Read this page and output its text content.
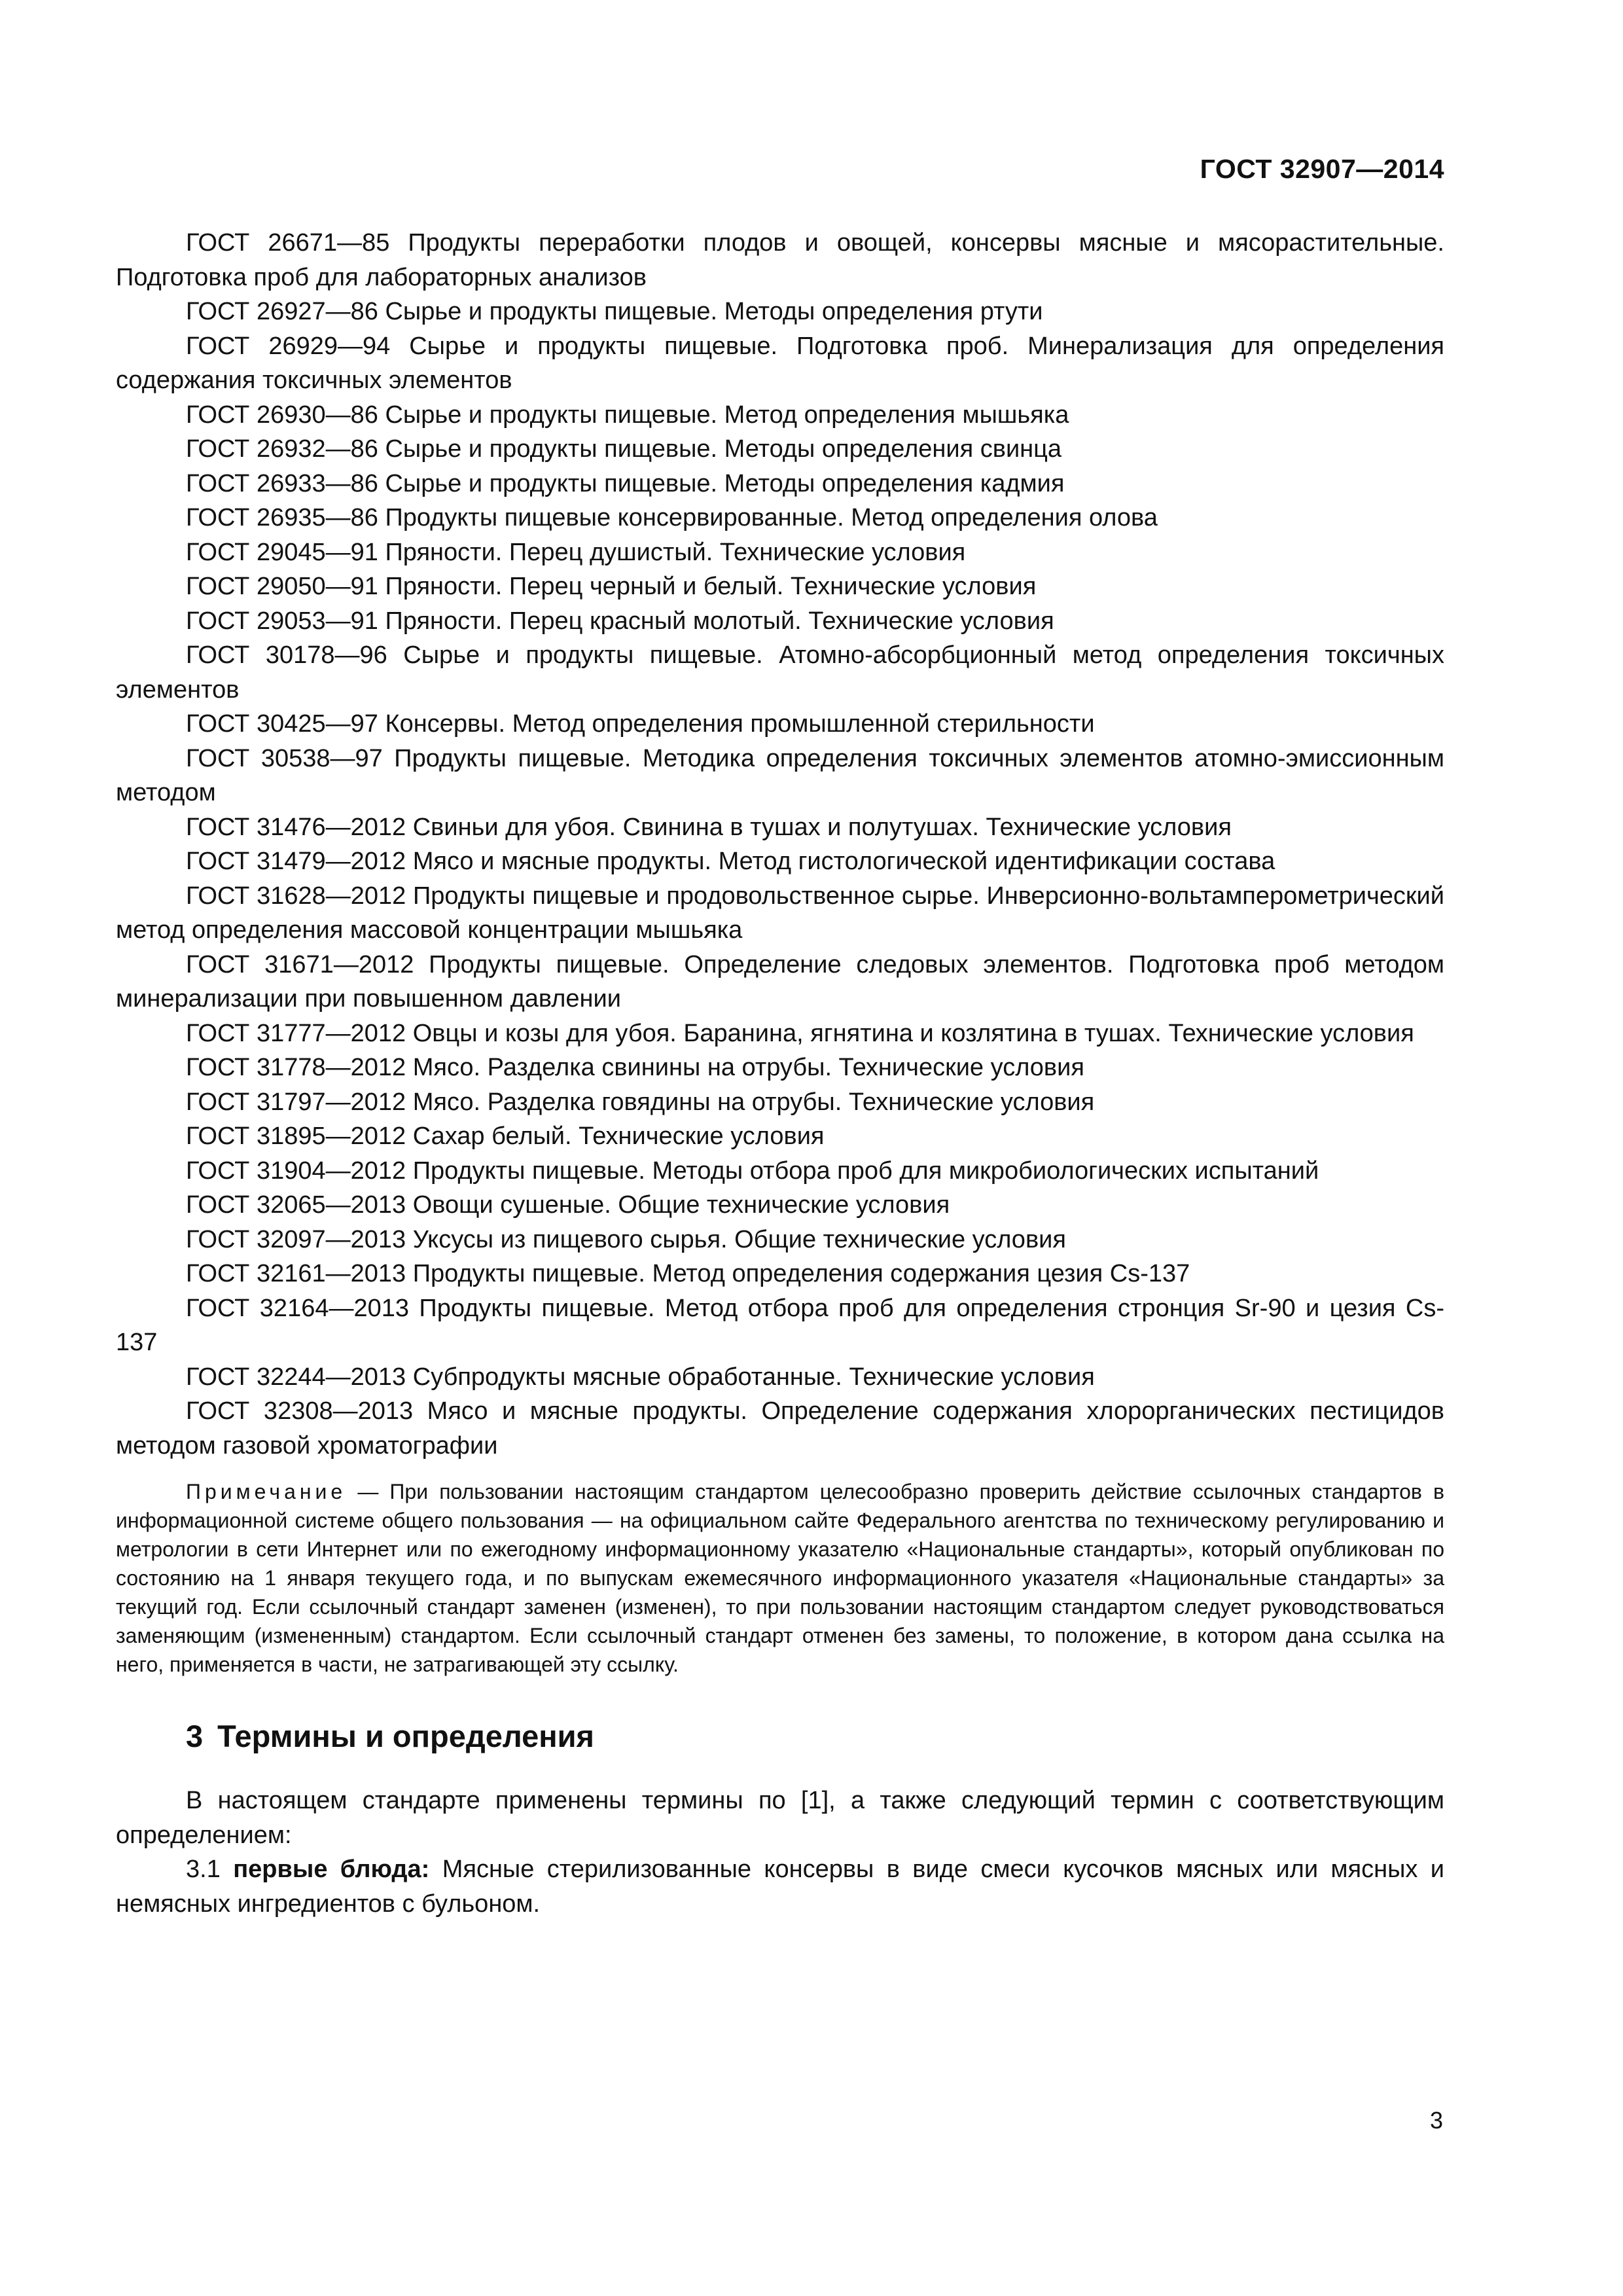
ГОСТ 32907—2014

ГОСТ 26671—85 Продукты переработки плодов и овощей, консервы мясные и мясорастительные. Подготовка проб для лабораторных анализов

ГОСТ 26927—86 Сырье и продукты пищевые. Методы определения ртути

ГОСТ 26929—94 Сырье и продукты пищевые. Подготовка проб. Минерализация для определения содержания токсичных элементов

ГОСТ 26930—86 Сырье и продукты пищевые. Метод определения мышьяка

ГОСТ 26932—86 Сырье и продукты пищевые. Методы определения свинца

ГОСТ 26933—86 Сырье и продукты пищевые. Методы определения кадмия

ГОСТ 26935—86 Продукты пищевые консервированные. Метод определения олова

ГОСТ 29045—91 Пряности. Перец душистый. Технические условия

ГОСТ 29050—91 Пряности. Перец черный и белый. Технические условия

ГОСТ 29053—91 Пряности. Перец красный молотый. Технические условия

ГОСТ 30178—96 Сырье и продукты пищевые. Атомно-абсорбционный метод определения токсичных элементов

ГОСТ 30425—97 Консервы. Метод определения промышленной стерильности

ГОСТ 30538—97 Продукты пищевые. Методика определения токсичных элементов атомно-эмиссионным методом

ГОСТ 31476—2012 Свиньи для убоя. Свинина в тушах и полутушах. Технические условия

ГОСТ 31479—2012 Мясо и мясные продукты. Метод гистологической идентификации состава

ГОСТ 31628—2012 Продукты пищевые и продовольственное сырье. Инверсионно-вольтамперометрический метод определения массовой концентрации мышьяка

ГОСТ 31671—2012 Продукты пищевые. Определение следовых элементов. Подготовка проб методом минерализации при повышенном давлении

ГОСТ 31777—2012 Овцы и козы для убоя. Баранина, ягнятина и козлятина в тушах. Технические условия

ГОСТ 31778—2012 Мясо. Разделка свинины на отрубы. Технические условия

ГОСТ 31797—2012 Мясо. Разделка говядины на отрубы. Технические условия

ГОСТ 31895—2012 Сахар белый. Технические условия

ГОСТ 31904—2012 Продукты пищевые. Методы отбора проб для микробиологических испытаний

ГОСТ 32065—2013 Овощи сушеные. Общие технические условия

ГОСТ 32097—2013 Уксусы из пищевого сырья. Общие технические условия

ГОСТ 32161—2013 Продукты пищевые. Метод определения содержания цезия Cs-137

ГОСТ 32164—2013 Продукты пищевые. Метод отбора проб для определения стронция Sr-90 и цезия Cs-137

ГОСТ 32244—2013 Субпродукты мясные обработанные. Технические условия

ГОСТ 32308—2013 Мясо и мясные продукты. Определение содержания хлорорганических пестицидов методом газовой хроматографии

Примечание — При пользовании настоящим стандартом целесообразно проверить действие ссылочных стандартов в информационной системе общего пользования — на официальном сайте Федерального агентства по техническому регулированию и метрологии в сети Интернет или по ежегодному информационному указателю «Национальные стандарты», который опубликован по состоянию на 1 января текущего года, и по выпускам ежемесячного информационного указателя «Национальные стандарты» за текущий год. Если ссылочный стандарт заменен (изменен), то при пользовании настоящим стандартом следует руководствоваться заменяющим (измененным) стандартом. Если ссылочный стандарт отменен без замены, то положение, в котором дана ссылка на него, применяется в части, не затрагивающей эту ссылку.

3 Термины и определения

В настоящем стандарте применены термины по [1], а также следующий термин с соответствующим определением:

3.1 первые блюда: Мясные стерилизованные консервы в виде смеси кусочков мясных или мясных и немясных ингредиентов с бульоном.

3
